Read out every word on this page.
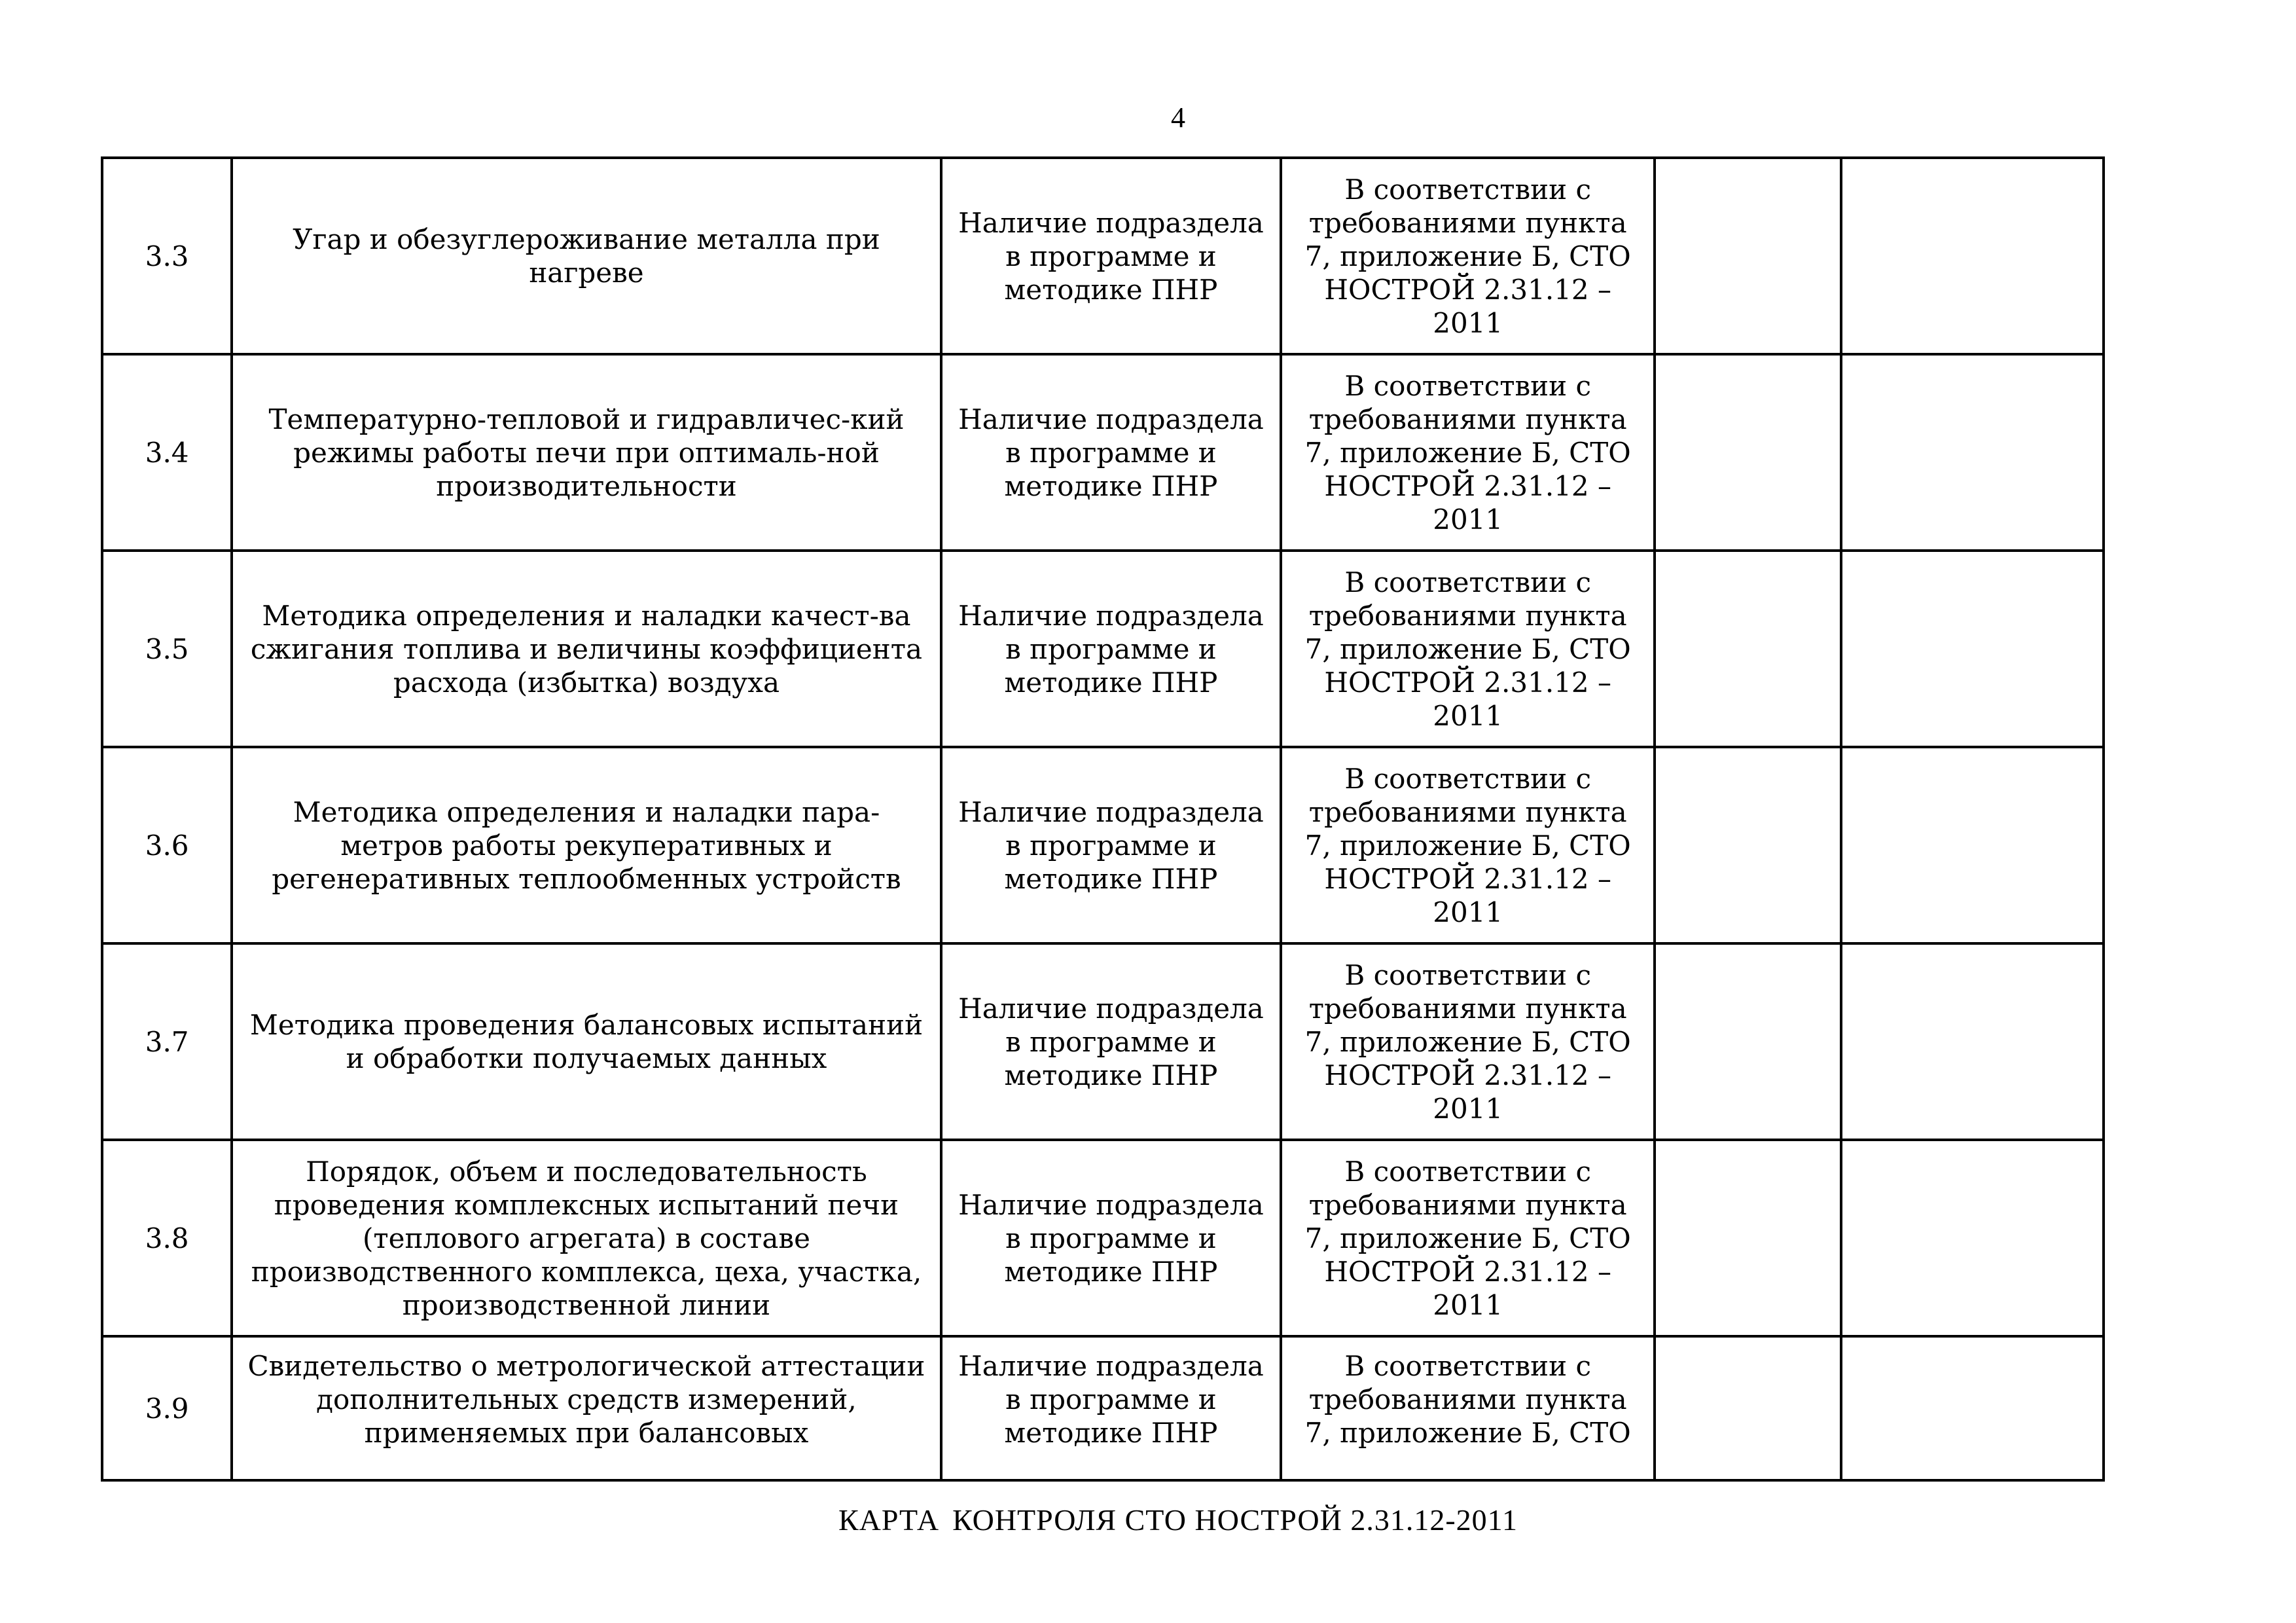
4
3.3	Угар и обезуглероживание металла при нагреве	Наличие подраздела в программе и методике ПНР	В соответствии с требованиями пункта 7, приложение Б, СТО НОСТРОЙ 2.31.12 – 2011		
3.4	Температурно-тепловой и гидравличес-кий режимы работы печи при оптималь-ной производительности	Наличие подраздела в программе и методике ПНР	В соответствии с требованиями пункта 7, приложение Б, СТО НОСТРОЙ 2.31.12 – 2011		
3.5	Методика определения и наладки качест-ва сжигания топлива и величины коэффициента расхода (избытка) воздуха	Наличие подраздела в программе и методике ПНР	В соответствии с требованиями пункта 7, приложение Б, СТО НОСТРОЙ 2.31.12 – 2011		
3.6	Методика определения и наладки пара-метров работы рекуперативных и регенеративных теплообменных устройств	Наличие подраздела в программе и методике ПНР	В соответствии с требованиями пункта 7, приложение Б, СТО НОСТРОЙ 2.31.12 – 2011		
3.7	Методика проведения балансовых испытаний и обработки получаемых данных	Наличие подраздела в программе и методике ПНР	В соответствии с требованиями пункта 7, приложение Б, СТО НОСТРОЙ 2.31.12 – 2011		
3.8	Порядок, объем и последовательность проведения комплексных испытаний печи (теплового агрегата) в составе производственного комплекса, цеха, участка, производственной линии	Наличие подраздела в программе и методике ПНР	В соответствии с требованиями пункта 7, приложение Б, СТО НОСТРОЙ 2.31.12 – 2011		
3.9	Свидетельство о метрологической аттестации дополнительных средств измерений, применяемых при балансовых	Наличие подраздела в программе и методике ПНР	В соответствии с требованиями пункта 7, приложение Б, СТО		
КАРТА КОНТРОЛЯ СТО НОСТРОЙ 2.31.12-2011
